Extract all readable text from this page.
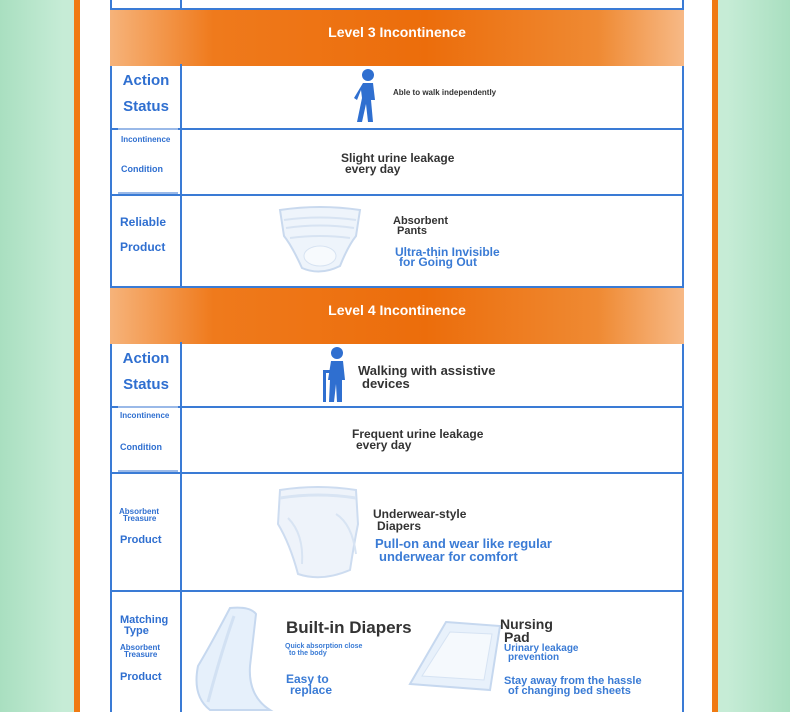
Level 3 Incontinence
Action
Status
Able to walk independently
Incontinence
Condition
Slight urine leakage
every day
Reliable
Product
Absorbent
Pants
Ultra-thin Invisible
for Going Out
Level 4 Incontinence
Action
Status
Walking with assistive
devices
Incontinence
Condition
Frequent urine leakage
every day
Absorbent
Treasure
Product
Underwear-style
Diapers
Pull-on and wear like regular
underwear for comfort
Matching
Type
Absorbent
Treasure
Product
Built-in Diapers
Quick absorption close
to the body
Easy to
replace
Nursing
Pad
Urinary leakage
prevention
Stay away from the hassle
of changing bed sheets
